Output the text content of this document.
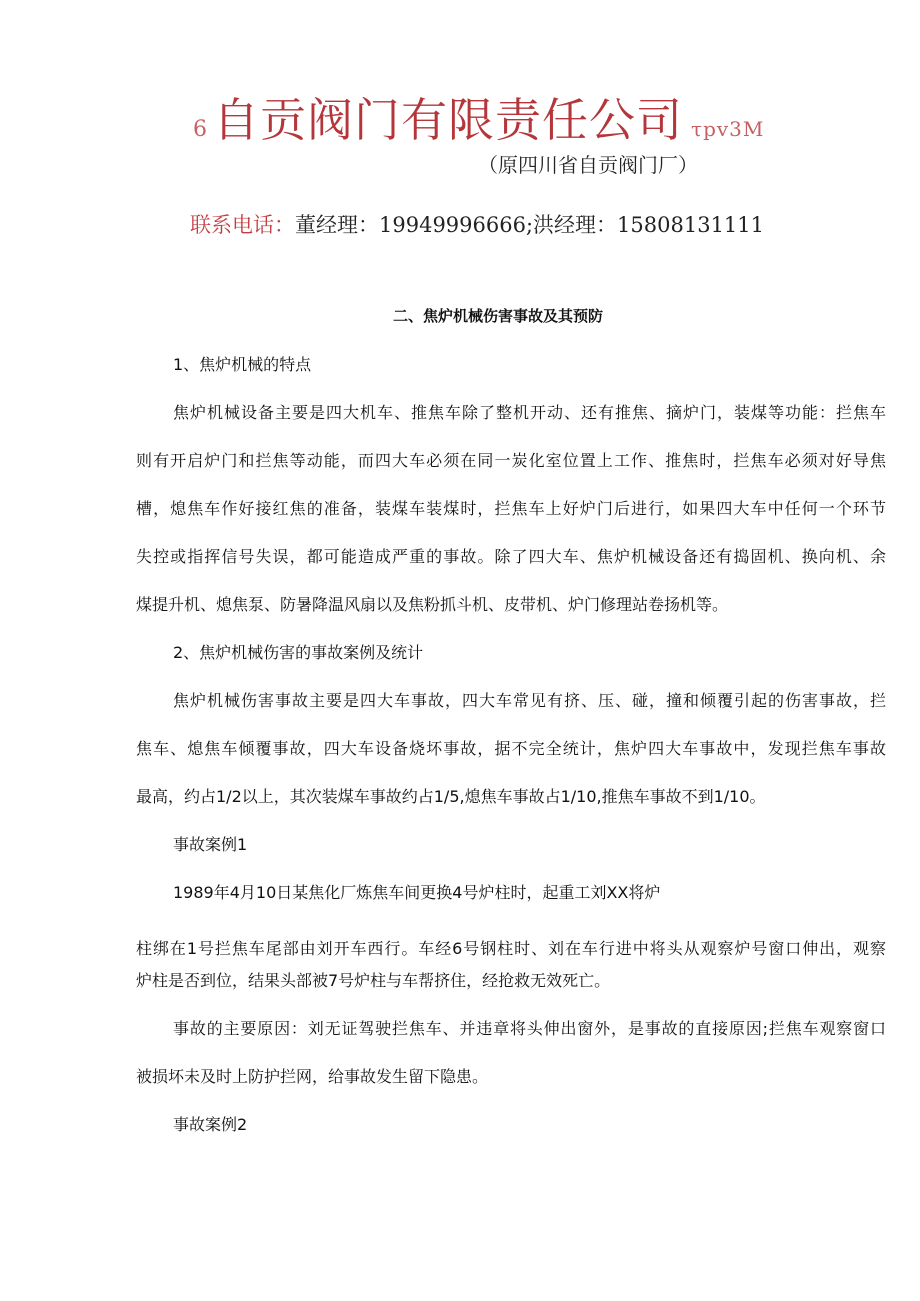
6 自贡阀门有限责任公司 τpv3M
（原四川省自贡阀门厂）
联系电话：董经理：19949996666;洪经理：15808131111
二、焦炉机械伤害事故及其预防
1、焦炉机械的特点
焦炉机械设备主要是四大机车、推焦车除了整机开动、还有推焦、摘炉门，装煤等功能：拦焦车
则有开启炉门和拦焦等动能，而四大车必须在同一炭化室位置上工作、推焦时，拦焦车必须对好导焦
槽，熄焦车作好接红焦的准备，装煤车装煤时，拦焦车上好炉门后进行，如果四大车中任何一个环节
失控或指挥信号失误，都可能造成严重的事故。除了四大车、焦炉机械设备还有捣固机、换向机、余
煤提升机、熄焦泵、防暑降温风扇以及焦粉抓斗机、皮带机、炉门修理站卷扬机等。
2、焦炉机械伤害的事故案例及统计
焦炉机械伤害事故主要是四大车事故，四大车常见有挤、压、碰，撞和倾覆引起的伤害事故，拦
焦车、熄焦车倾覆事故，四大车设备烧坏事故，据不完全统计，焦炉四大车事故中，发现拦焦车事故
最高，约占1/2以上，其次装煤车事故约占1/5,熄焦车事故占1/10,推焦车事故不到1/10。
事故案例1
1989年4月10日某焦化厂炼焦车间更换4号炉柱时，起重工刘XX将炉
柱绑在1号拦焦车尾部由刘开车西行。车经6号钢柱时、刘在车行进中将头从观察炉号窗口伸出，观察
炉柱是否到位，结果头部被7号炉柱与车帮挤住，经抢救无效死亡。
事故的主要原因：刘无证驾驶拦焦车、并违章将头伸出窗外，是事故的直接原因;拦焦车观察窗口
被损坏未及时上防护拦网，给事故发生留下隐患。
事故案例2
